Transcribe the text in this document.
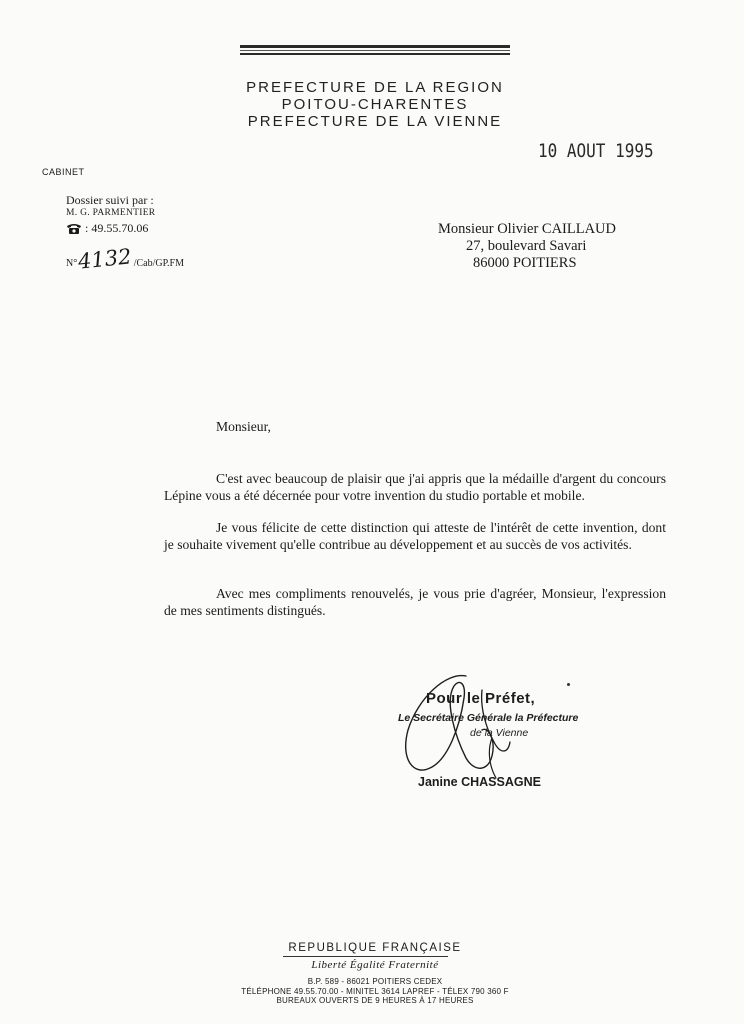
PREFECTURE DE LA REGION
POITOU-CHARENTES
PREFECTURE DE LA VIENNE
10 AOUT 1995
CABINET
Dossier suivi par :
M. G. PARMENTIER
: 49.55.70.06
N° 4132 /Cab/GP.FM
Monsieur Olivier CAILLAUD
27, boulevard Savari
86000 POITIERS
Monsieur,

C'est avec beaucoup de plaisir que j'ai appris que la médaille d'argent du concours Lépine vous a été décernée pour votre invention du studio portable et mobile.

Je vous félicite de cette distinction qui atteste de l'intérêt de cette invention, dont je souhaite vivement qu'elle contribue au développement et au succès de vos activités.

Avec mes compliments renouvelés, je vous prie d'agréer, Monsieur, l'expression de mes sentiments distingués.

Pour le Préfet,
Le Secrétaire Générale la Préfecture
de la Vienne
Janine CHASSAGNE
REPUBLIQUE FRANÇAISE
Liberté Égalité Fraternité
B.P. 589 - 86021 POITIERS CEDEX
TÉLÉPHONE 49.55.70.00 - MINITEL 3614 LAPREF - TÉLEX 790 360 F
BUREAUX OUVERTS DE 9 HEURES À 17 HEURES
